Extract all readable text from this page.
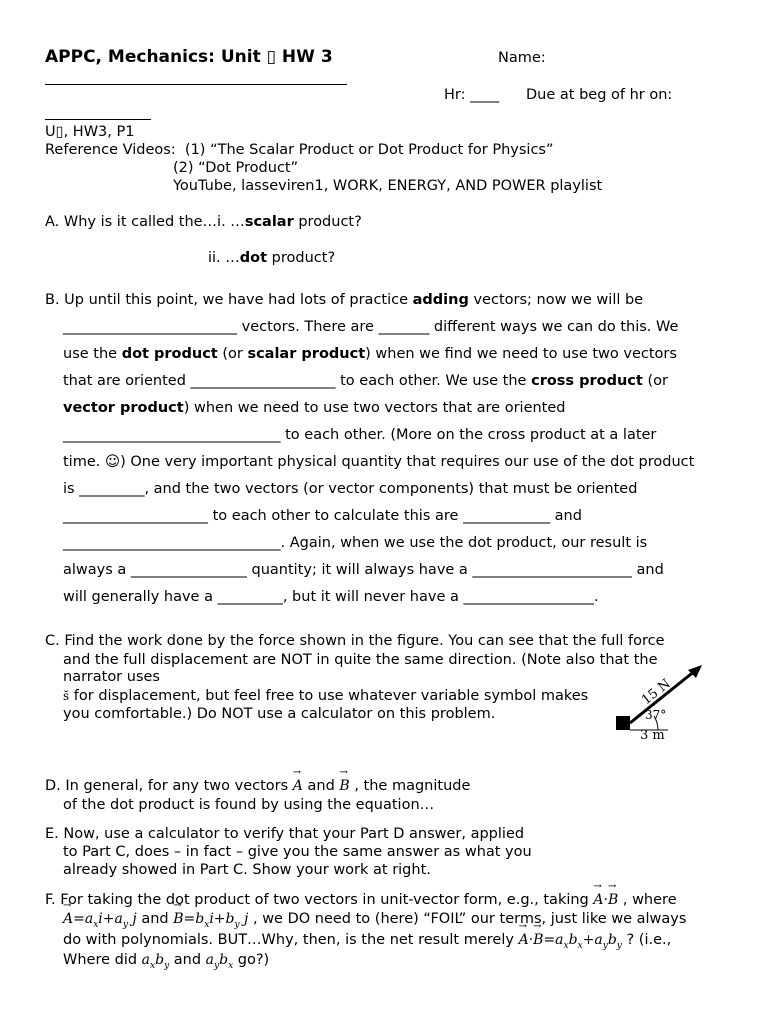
APPC, Mechanics: Unit ▯ HW 3	Name:
Hr: ____ Due at beg of hr on:
U▯, HW3, P1
Reference Videos: (1) “The Scalar Product or Dot Product for Physics”
(2) “Dot Product”
YouTube, lasseviren1, WORK, ENERGY, AND POWER playlist
A. Why is it called the…i. …scalar product?
ii. …dot product?
B. Up until this point, we have had lots of practice adding vectors; now we will be
________________________ vectors. There are _______ different ways we can do this. We
use the dot product (or scalar product) when we find we need to use two vectors
that are oriented ____________________ to each other. We use the cross product (or
vector product) when we need to use two vectors that are oriented
______________________________ to each other. (More on the cross product at a later
time. ☺) One very important physical quantity that requires our use of the dot product
is _________, and the two vectors (or vector components) that must be oriented
____________________ to each other to calculate this are ____________ and
______________________________. Again, when we use the dot product, our result is
always a ________________ quantity; it will always have a ______________________ and
will generally have a _________, but it will never have a __________________.
C. Find the work done by the force shown in the figure. You can see that the full force
and the full displacement are NOT in quite the same direction. (Note also that the
narrator uses
s̆ for displacement, but feel free to use whatever variable symbol makes
you comfortable.) Do NOT use a calculator on this problem.
15 N
37°
3 m
D. In general, for any two vectors → A and → B , the magnitude
of the dot product is found by using the equation…
E. Now, use a calculator to verify that your Part D answer, applied
to Part C, does – in fact – give you the same answer as what you
already showed in Part C. Show your work at right.
F. For taking the dot product of two vectors in unit-vector form, e.g., taking → A·→ B , where
→ $A=a_xi+a_y$ j and → $B=b_xi+b_y$ j , we DO need to (here) “FOIL” our terms, just like we always
do with polynomials. BUT…Why, then, is the net result merely → $A\cdot\to B=a_xb_x+a_yb_y$ ? (i.e.,
Where did $a_xb_y$ and $a_yb_x$ go?)
